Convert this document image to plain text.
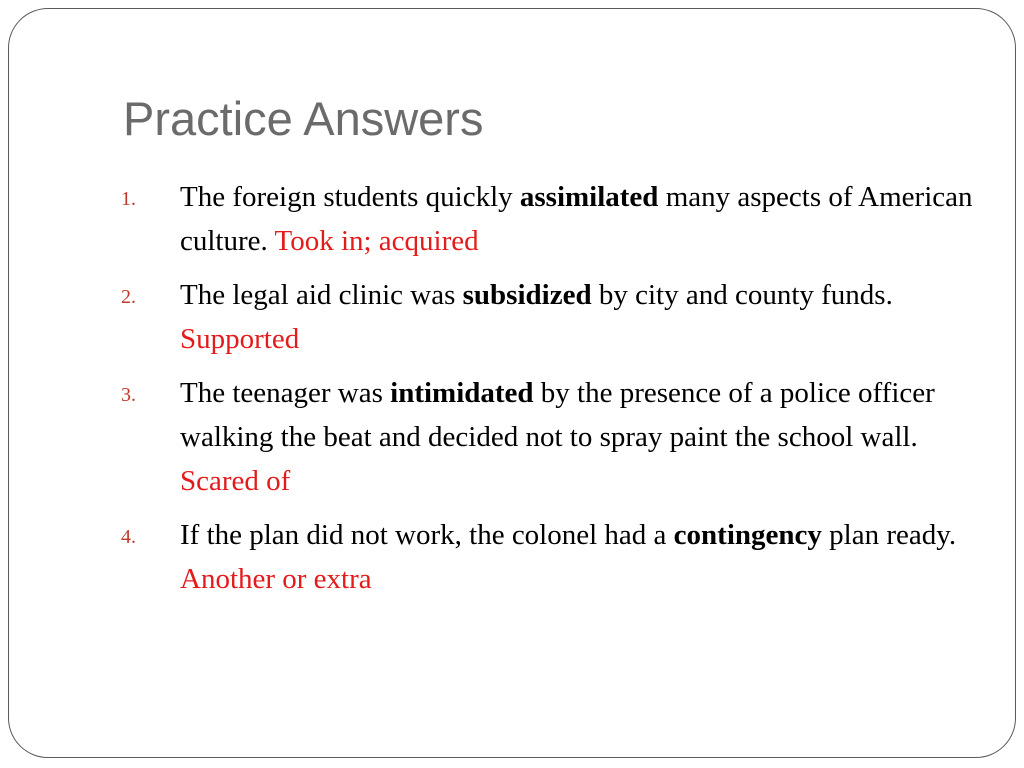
Practice Answers
1. The foreign students quickly assimilated many aspects of American culture. Took in; acquired
2. The legal aid clinic was subsidized by city and county funds. Supported
3. The teenager was intimidated by the presence of a police officer walking the beat and decided not to spray paint the school wall. Scared of
4. If the plan did not work, the colonel had a contingency plan ready. Another or extra
